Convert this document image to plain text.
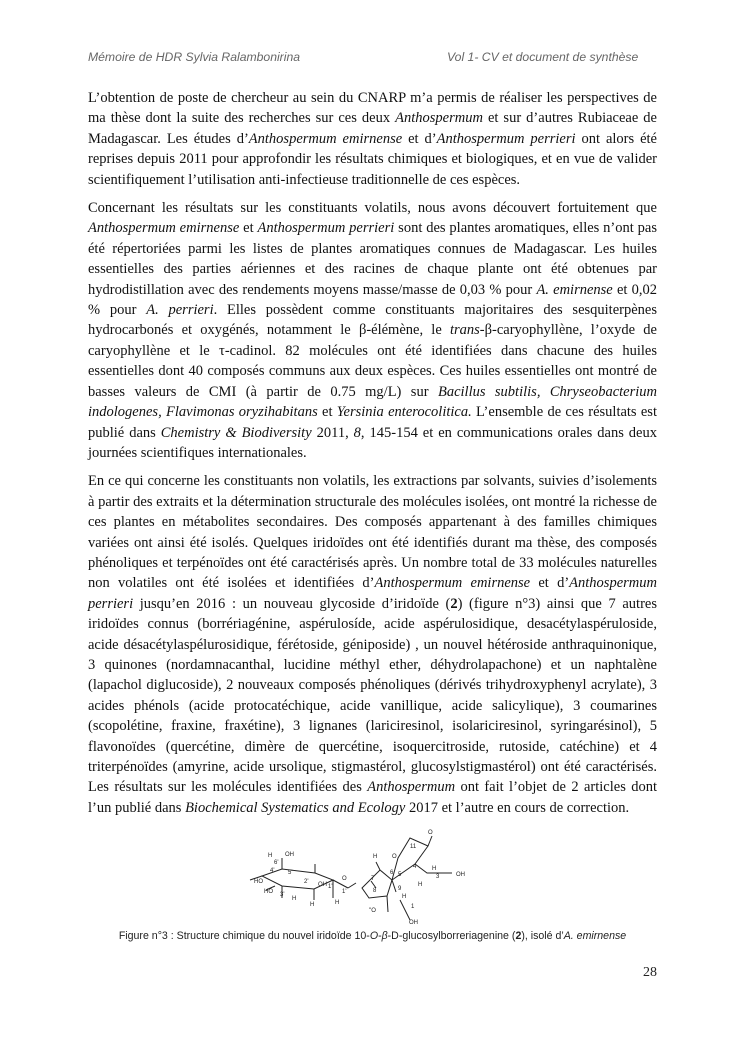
Mémoire de HDR Sylvia Ralambonirina	Vol 1- CV et document de synthèse

L’obtention de poste de chercheur au sein du CNARP m’a permis de réaliser les perspectives de ma thèse dont la suite des recherches sur ces deux Anthospermum et sur d’autres Rubiaceae de Madagascar. Les études d’Anthospermum emirnense et d’Anthospermum perrieri ont alors été reprises depuis 2011 pour approfondir les résultats chimiques et biologiques, et en vue de valider scientifiquement l’utilisation anti-infectieuse traditionnelle de ces espèces.

Concernant les résultats sur les constituants volatils, nous avons découvert fortuitement que Anthospermum emirnense et Anthospermum perrieri sont des plantes aromatiques, elles n’ont pas été répertoriées parmi les listes de plantes aromatiques connues de Madagascar. Les huiles essentielles des parties aériennes et des racines de chaque plante ont été obtenues par hydrodistillation avec des rendements moyens masse/masse de 0,03 % pour A. emirnense et 0,02 % pour A. perrieri. Elles possèdent comme constituants majoritaires des sesquiterpènes hydrocarbonés et oxygénés, notamment le β-élémène, le trans-β-caryophyllène, l’oxyde de caryophyllène et le τ-cadinol. 82 molécules ont été identifiées dans chacune des huiles essentielles dont 40 composés communs aux deux espèces. Ces huiles essentielles ont montré de basses valeurs de CMI (à partir de 0.75 mg/L) sur Bacillus subtilis, Chryseobacterium indologenes, Flavimonas oryzihabitans et Yersinia enterocolitica. L’ensemble de ces résultats est publié dans Chemistry & Biodiversity 2011, 8, 145-154 et en communications orales dans deux journées scientifiques internationales.

En ce qui concerne les constituants non volatils, les extractions par solvants, suivies d’isolements à partir des extraits et la détermination structurale des molécules isolées, ont montré la richesse de ces plantes en métabolites secondaires. Des composés appartenant à des familles chimiques variées ont ainsi été isolés. Quelques iridoïdes ont été identifiés durant ma thèse, des composés phénoliques et terpénoïdes ont été caractérisés après. Un nombre total de 33 molécules naturelles non volatiles ont été isolées et identifiées d’Anthospermum emirnense et d’Anthospermum perrieri jusqu’en 2016 : un nouveau glycoside d’iridoïde (2) (figure n°3) ainsi que 7 autres iridoïdes connus (borrériagénine, aspérulosíde, acide aspérulosidique, desacétylaspéruloside, acide désacétylaspélurosidique, férétoside, géniposide) , un nouvel hétéroside anthraquinonique, 3 quinones (nordamnacanthal, lucidine méthyl ether, déhydrolapachone) et un naphtalène (lapachol diglucoside), 2 nouveaux composés phénoliques (dérivés trihydroxyphenyl acrylate), 3 acides phénols (acide protocatéchique, acide vanillique, acide salicylique), 3 coumarines (scopolétine, fraxine, fraxétine), 3 lignanes (lariciresinol, isolariciresinol, syringarésinol), 5 flavonoïdes (quercétine, dimère de quercétine, isoquercitroside, rutoside, catéchine) et 4 triterpénoïdes (amyrine, acide ursolique, stigmastérol, glucosylstigmastérol) ont été caractérisés. Les résultats sur les molécules identifiées des Anthospermum ont fait l’objet de 2 articles dont l’un publié dans Biochemical Systematics and Ecology 2017 et l’autre en cours de correction.

OH
4' 5'
6'
HO
HO
H
H
2'
3'
1'
OH
O
H O
7
6 5
8	9
H
1
3
4
11
O
OH
H
OH
H
''O
H
1'
H
Figure n°3 : Structure chimique du nouvel iridoïde 10-O-β-D-glucosylborreriagenine (2), isolé d’A. emirnense
28
